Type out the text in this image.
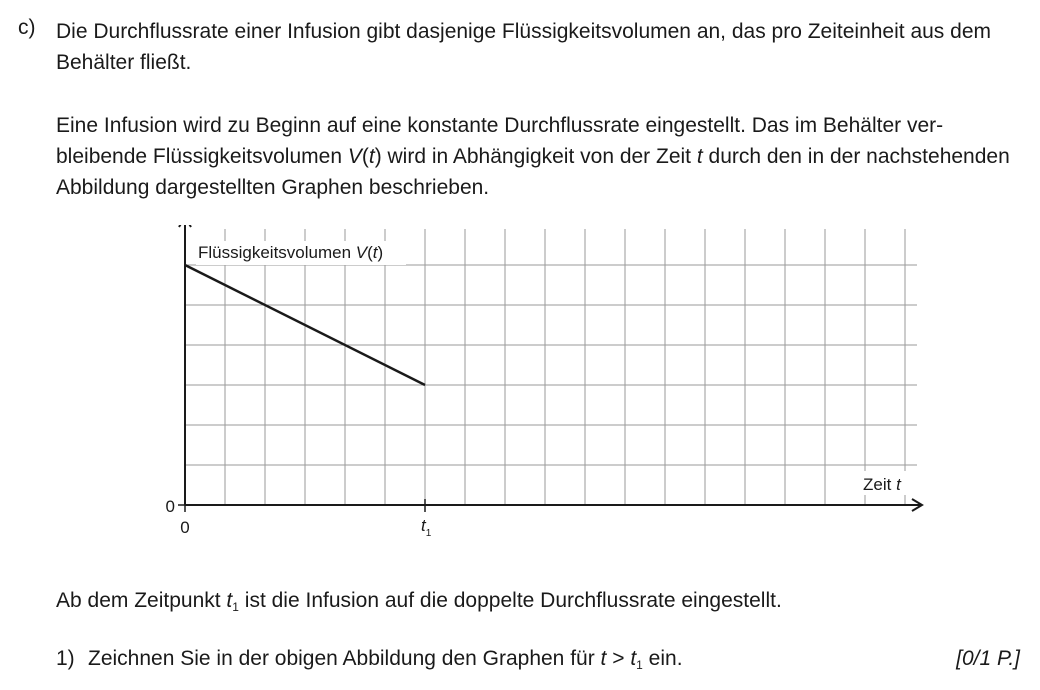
c) Die Durchflussrate einer Infusion gibt dasjenige Flüssigkeitsvolumen an, das pro Zeiteinheit aus dem Behälter fließt.
Eine Infusion wird zu Beginn auf eine konstante Durchflussrate eingestellt. Das im Behälter verbleibende Flüssigkeitsvolumen V(t) wird in Abhängigkeit von der Zeit t durch den in der nachstehenden Abbildung dargestellten Graphen beschrieben.
Flüssigkeitsvolumen V(t)
Zeit t
0
0	$t_1$
Ab dem Zeitpunkt $t_1$ ist die Infusion auf die doppelte Durchflussrate eingestellt.
1) Zeichnen Sie in der obigen Abbildung den Graphen für $t > t_1$ ein.	[0/1 P.]
